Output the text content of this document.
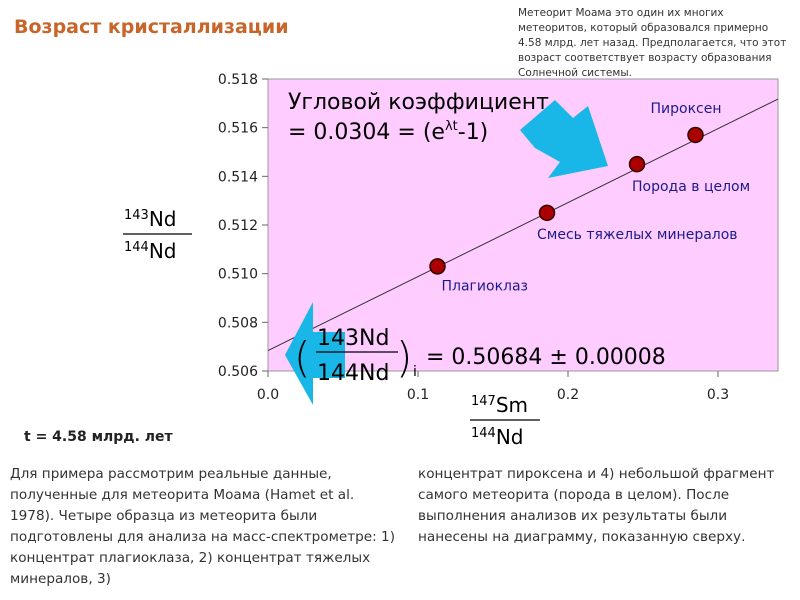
Возраст кристаллизации
Метеорит Моама это один их многих метеоритов, который образовался примерно 4.58 млрд. лет назад. Предполагается, что этот возраст соответствует возрасту образования Солнечной системы.
0.506
0.508
0.510
0.512
0.514
0.516
0.518
0.0	0.1	0.2	0.3
Плагиоклаз
Смесь тяжелых минералов
Порода в целом
Пироксен
Угловой коэффициент
= $0.0304 = (e^{\lambda t}-1)$
( 143Nd
144Nd ) i
= 0.50684 ± 0.00008
$^{143}$Nd
$^{144}$Nd
$^{147}$Sm
$^{144}$Nd
t = 4.58 млрд. лет
Для примера рассмотрим реальные данные, полученные для метеорита Моама (Hamet et al. 1978). Четыре образца из метеорита были подготовлены для анализа на масс-спектрометре: 1) концентрат плагиоклаза, 2) концентрат тяжелых минералов, 3)
концентрат пироксена и 4) небольшой фрагмент самого метеорита (порода в целом). После выполнения анализов их результаты были нанесены на диаграмму, показанную сверху.
